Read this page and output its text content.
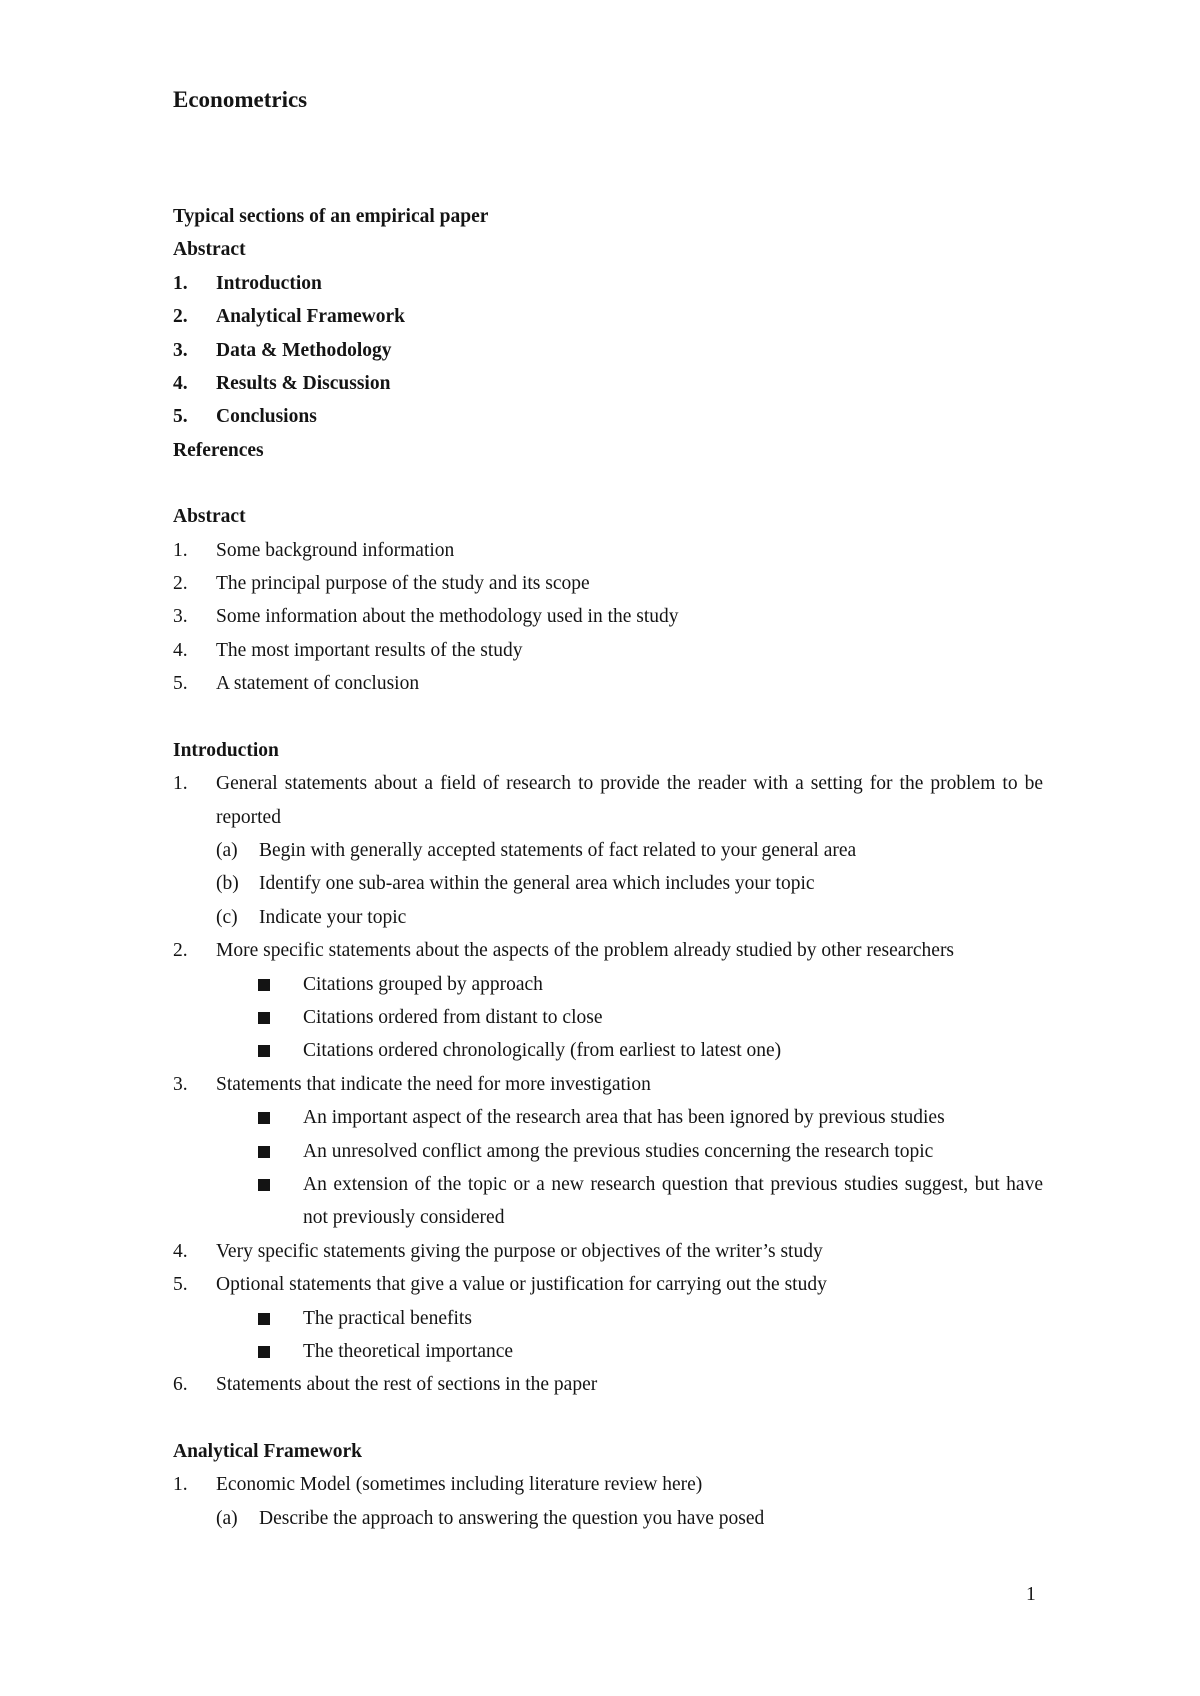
Econometrics
Typical sections of an empirical paper
Abstract
1.	Introduction
2.	Analytical Framework
3.	Data & Methodology
4.	Results & Discussion
5.	Conclusions
References
Abstract
1.	Some background information
2.	The principal purpose of the study and its scope
3.	Some information about the methodology used in the study
4.	The most important results of the study
5.	A statement of conclusion
Introduction
1.	General statements about a field of research to provide the reader with a setting for the problem to be reported
(a)	Begin with generally accepted statements of fact related to your general area
(b)	Identify one sub-area within the general area which includes your topic
(c)	Indicate your topic
2.	More specific statements about the aspects of the problem already studied by other researchers
Citations grouped by approach
Citations ordered from distant to close
Citations ordered chronologically (from earliest to latest one)
3.	Statements that indicate the need for more investigation
An important aspect of the research area that has been ignored by previous studies
An unresolved conflict among the previous studies concerning the research topic
An extension of the topic or a new research question that previous studies suggest, but have not previously considered
4.	Very specific statements giving the purpose or objectives of the writer’s study
5.	Optional statements that give a value or justification for carrying out the study
The practical benefits
The theoretical importance
6.	Statements about the rest of sections in the paper
Analytical Framework
1.	Economic Model (sometimes including literature review here)
(a)	Describe the approach to answering the question you have posed
1
